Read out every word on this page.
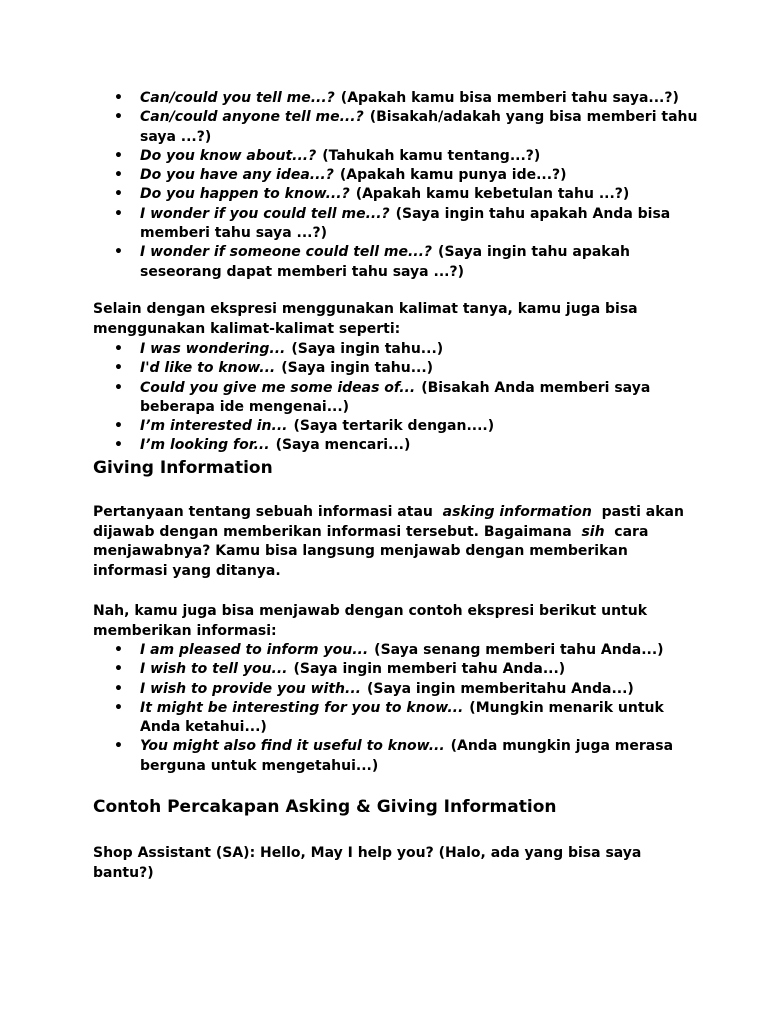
• Can/could you tell me...? (Apakah kamu bisa memberi tahu saya...?)
• Can/could anyone tell me...? (Bisakah/adakah yang bisa memberi tahu saya ...?)
• Do you know about...? (Tahukah kamu tentang...?)
• Do you have any idea...? (Apakah kamu punya ide...?)
• Do you happen to know...? (Apakah kamu kebetulan tahu ...?)
• I wonder if you could tell me...? (Saya ingin tahu apakah Anda bisa memberi tahu saya ...?)
• I wonder if someone could tell me...? (Saya ingin tahu apakah seseorang dapat memberi tahu saya ...?)
Selain dengan ekspresi menggunakan kalimat tanya, kamu juga bisa menggunakan kalimat-kalimat seperti:
• I was wondering... (Saya ingin tahu...)
• I'd like to know... (Saya ingin tahu...)
• Could you give me some ideas of... (Bisakah Anda memberi saya beberapa ide mengenai...)
• I’m interested in... (Saya tertarik dengan....)
• I’m looking for... (Saya mencari...)
Giving Information
Pertanyaan tentang sebuah informasi atau asking information pasti akan dijawab dengan memberikan informasi tersebut. Bagaimana sih cara menjawabnya? Kamu bisa langsung menjawab dengan memberikan informasi yang ditanya.
Nah, kamu juga bisa menjawab dengan contoh ekspresi berikut untuk memberikan informasi:
• I am pleased to inform you... (Saya senang memberi tahu Anda...)
• I wish to tell you... (Saya ingin memberi tahu Anda...)
• I wish to provide you with... (Saya ingin memberitahu Anda...)
• It might be interesting for you to know... (Mungkin menarik untuk Anda ketahui...)
• You might also find it useful to know... (Anda mungkin juga merasa berguna untuk mengetahui...)
Contoh Percakapan Asking & Giving Information
Shop Assistant (SA): Hello, May I help you? (Halo, ada yang bisa saya bantu?)
